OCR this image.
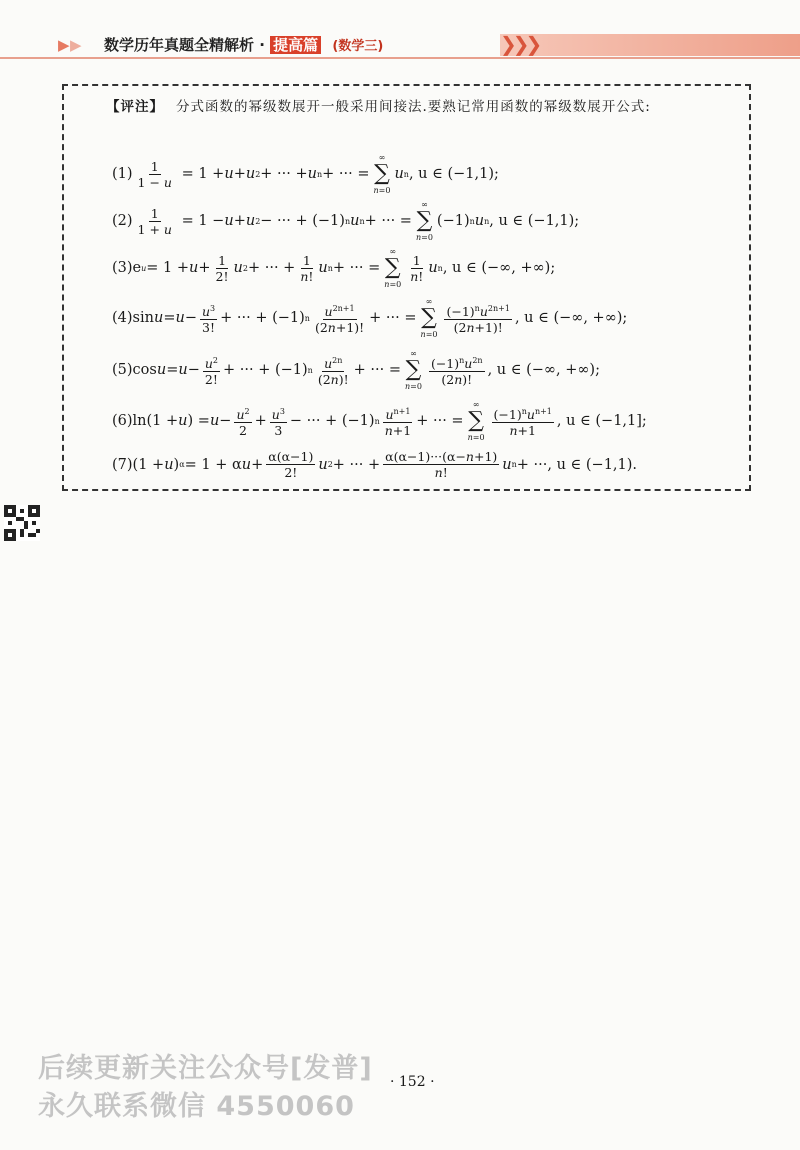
▶ ▶ 数学历年真题全精解析 · 提高篇 (数学三)	❯❯❯
【评注】 分式函数的幂级数展开一般采用间接法.要熟记常用函数的幂级数展开公式:
$(1) \frac{1}{1 - u} = 1 + u + u$ 2 + ··· + u n + ··· =
∞
∑
n=0
u n , u ∈ (−1,1);
$(2) \frac{1}{1 + u} = 1 - u + u$ 2 − ··· + (−1) n u n + ··· =
∞
∑
n=0
(−1) n u n , u ∈ (−1,1);
(3) e $u = 1 + u + \frac{1}{2!}$ u 2 + ··· + $\frac{1}{n!}$ u n + ··· =
∞
∑
n=0
$\frac{1}{n!}$ u n , u ∈ (−∞, +∞);
(4) $\sin u = u - \frac{u^3}{3!}$ + ··· + (−1) n $\frac{u^{2n+1}}{(2n+1)!}$ + ··· =
∞
∑
$n=0 \frac{(-1)^nu^{2n+1}}{(2n+1)!}$ , u ∈ (−∞, +∞);
(5) $\cos u = u - \frac{u^2}{2!}$ + ··· + (−1) n $\frac{u^{2n}}{(2n)!}$ + ··· =
∞
∑
$n=0 \frac{(-1)^nu^{2n}}{(2n)!}$ , u ∈ (−∞, +∞);
(6) ln(1 + u ) = $u - \frac{u^2}{2} + \frac{u^3}{3}$ − ··· + (−1) n $\frac{u^{n+1}}{n+1}$ + ··· =
∞
∑
$n=0 \frac{(-1)^nu^{n+1}}{n+1}$ , u ∈ (−1,1];
(7) (1 + u ) α = 1 + α $u + \frac{\alpha(\alpha-1)}{2!}$ u 2 + ··· + $\frac{\alpha(\alpha-1)\cdot\cdot\cdot(\alpha-n+1)}{n!}$ u n + ··· , u ∈ (−1,1).
后续更新关注公众号[发普]
永久联系微信 4550060
· 152 ·
